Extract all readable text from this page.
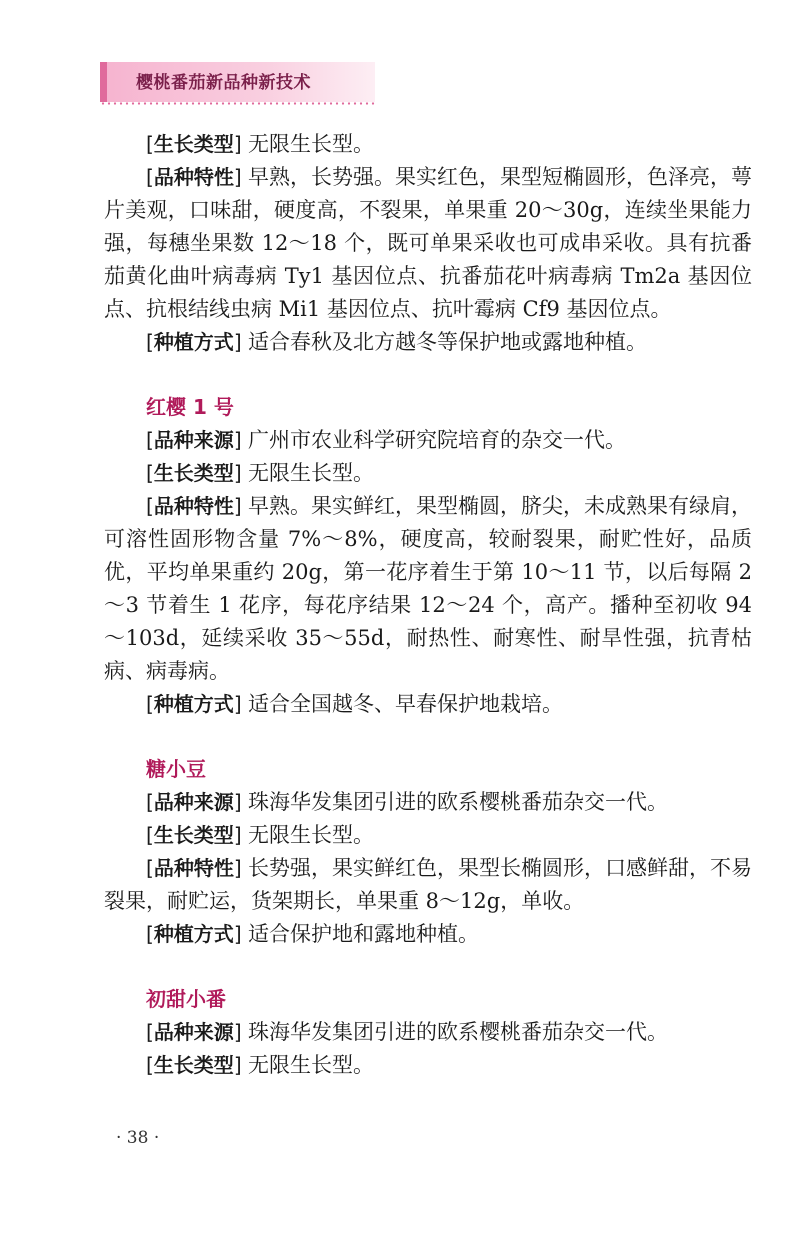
樱桃番茄新品种新技术

[ 生长类型 ] 无限生长型。

[ 品种特性 ] 早熟，长势强。果实红色，果型短椭圆形，色泽亮，萼片美观，口味甜，硬度高，不裂果，单果重 20～30g，连续坐果能力强，每穗坐果数 12～18 个，既可单果采收也可成串采收。具有抗番茄黄化曲叶病毒病 Ty1 基因位点、抗番茄花叶病毒病 Tm2a 基因位点、抗根结线虫病 Mi1 基因位点、抗叶霉病 Cf9 基因位点。

[ 种植方式 ] 适合春秋及北方越冬等保护地或露地种植。

红樱 1 号

[ 品种来源 ] 广州市农业科学研究院培育的杂交一代。

[ 生长类型 ] 无限生长型。

[ 品种特性 ] 早熟。果实鲜红，果型椭圆，脐尖，未成熟果有绿肩，可溶性固形物含量 7%～8%，硬度高，较耐裂果，耐贮性好，品质优，平均单果重约 20g，第一花序着生于第 10～11 节，以后每隔 2～3 节着生 1 花序，每花序结果 12～24 个，高产。播种至初收 94～103d，延续采收 35～55d，耐热性、耐寒性、耐旱性强，抗青枯病、病毒病。

[ 种植方式 ] 适合全国越冬、早春保护地栽培。

糖小豆

[ 品种来源 ] 珠海华发集团引进的欧系樱桃番茄杂交一代。

[ 生长类型 ] 无限生长型。

[ 品种特性 ] 长势强，果实鲜红色，果型长椭圆形，口感鲜甜，不易裂果，耐贮运，货架期长，单果重 8～12g，单收。

[ 种植方式 ] 适合保护地和露地种植。

初甜小番

[ 品种来源 ] 珠海华发集团引进的欧系樱桃番茄杂交一代。

[ 生长类型 ] 无限生长型。

· 38 ·
